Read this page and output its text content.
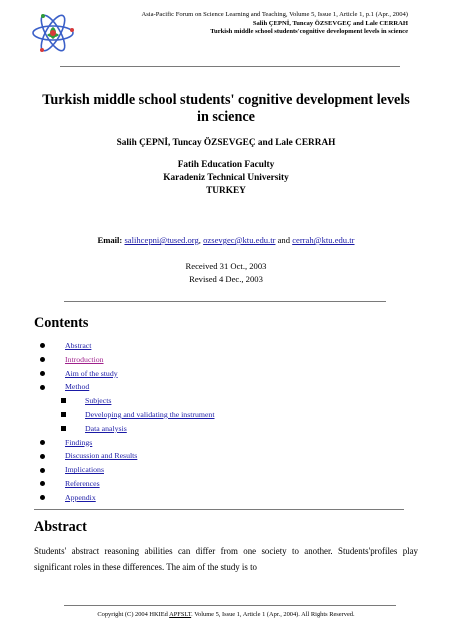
Asia-Pacific Forum on Science Learning and Teaching, Volume 5, Issue 1, Article 1, p.1 (Apr., 2004)
Salih ÇEPNİ, Tuncay ÖZSEVGEÇ and Lale CERRAH
Turkish middle school students'cognitive development levels in science
Turkish middle school students' cognitive development levels in science
Salih ÇEPNİ, Tuncay ÖZSEVGEÇ and Lale CERRAH
Fatih Education Faculty
Karadeniz Technical University
TURKEY
Email: salihcepni@tused.org, ozsevgec@ktu.edu.tr and cerrah@ktu.edu.tr
Received 31 Oct., 2003
Revised 4 Dec., 2003
Contents
Abstract
Introduction
Aim of the study
Method
Subjects
Developing and validating the instrument
Data analysis
Findings
Discussion and Results
Implications
References
Appendix
Abstract

Students' abstract reasoning abilities can differ from one society to another. Students'profiles play significant roles in these differences. The aim of the study is to

Copyright (C) 2004 HKIEd APFSLT. Volume 5, Issue 1, Article 1 (Apr., 2004). All Rights Reserved.
